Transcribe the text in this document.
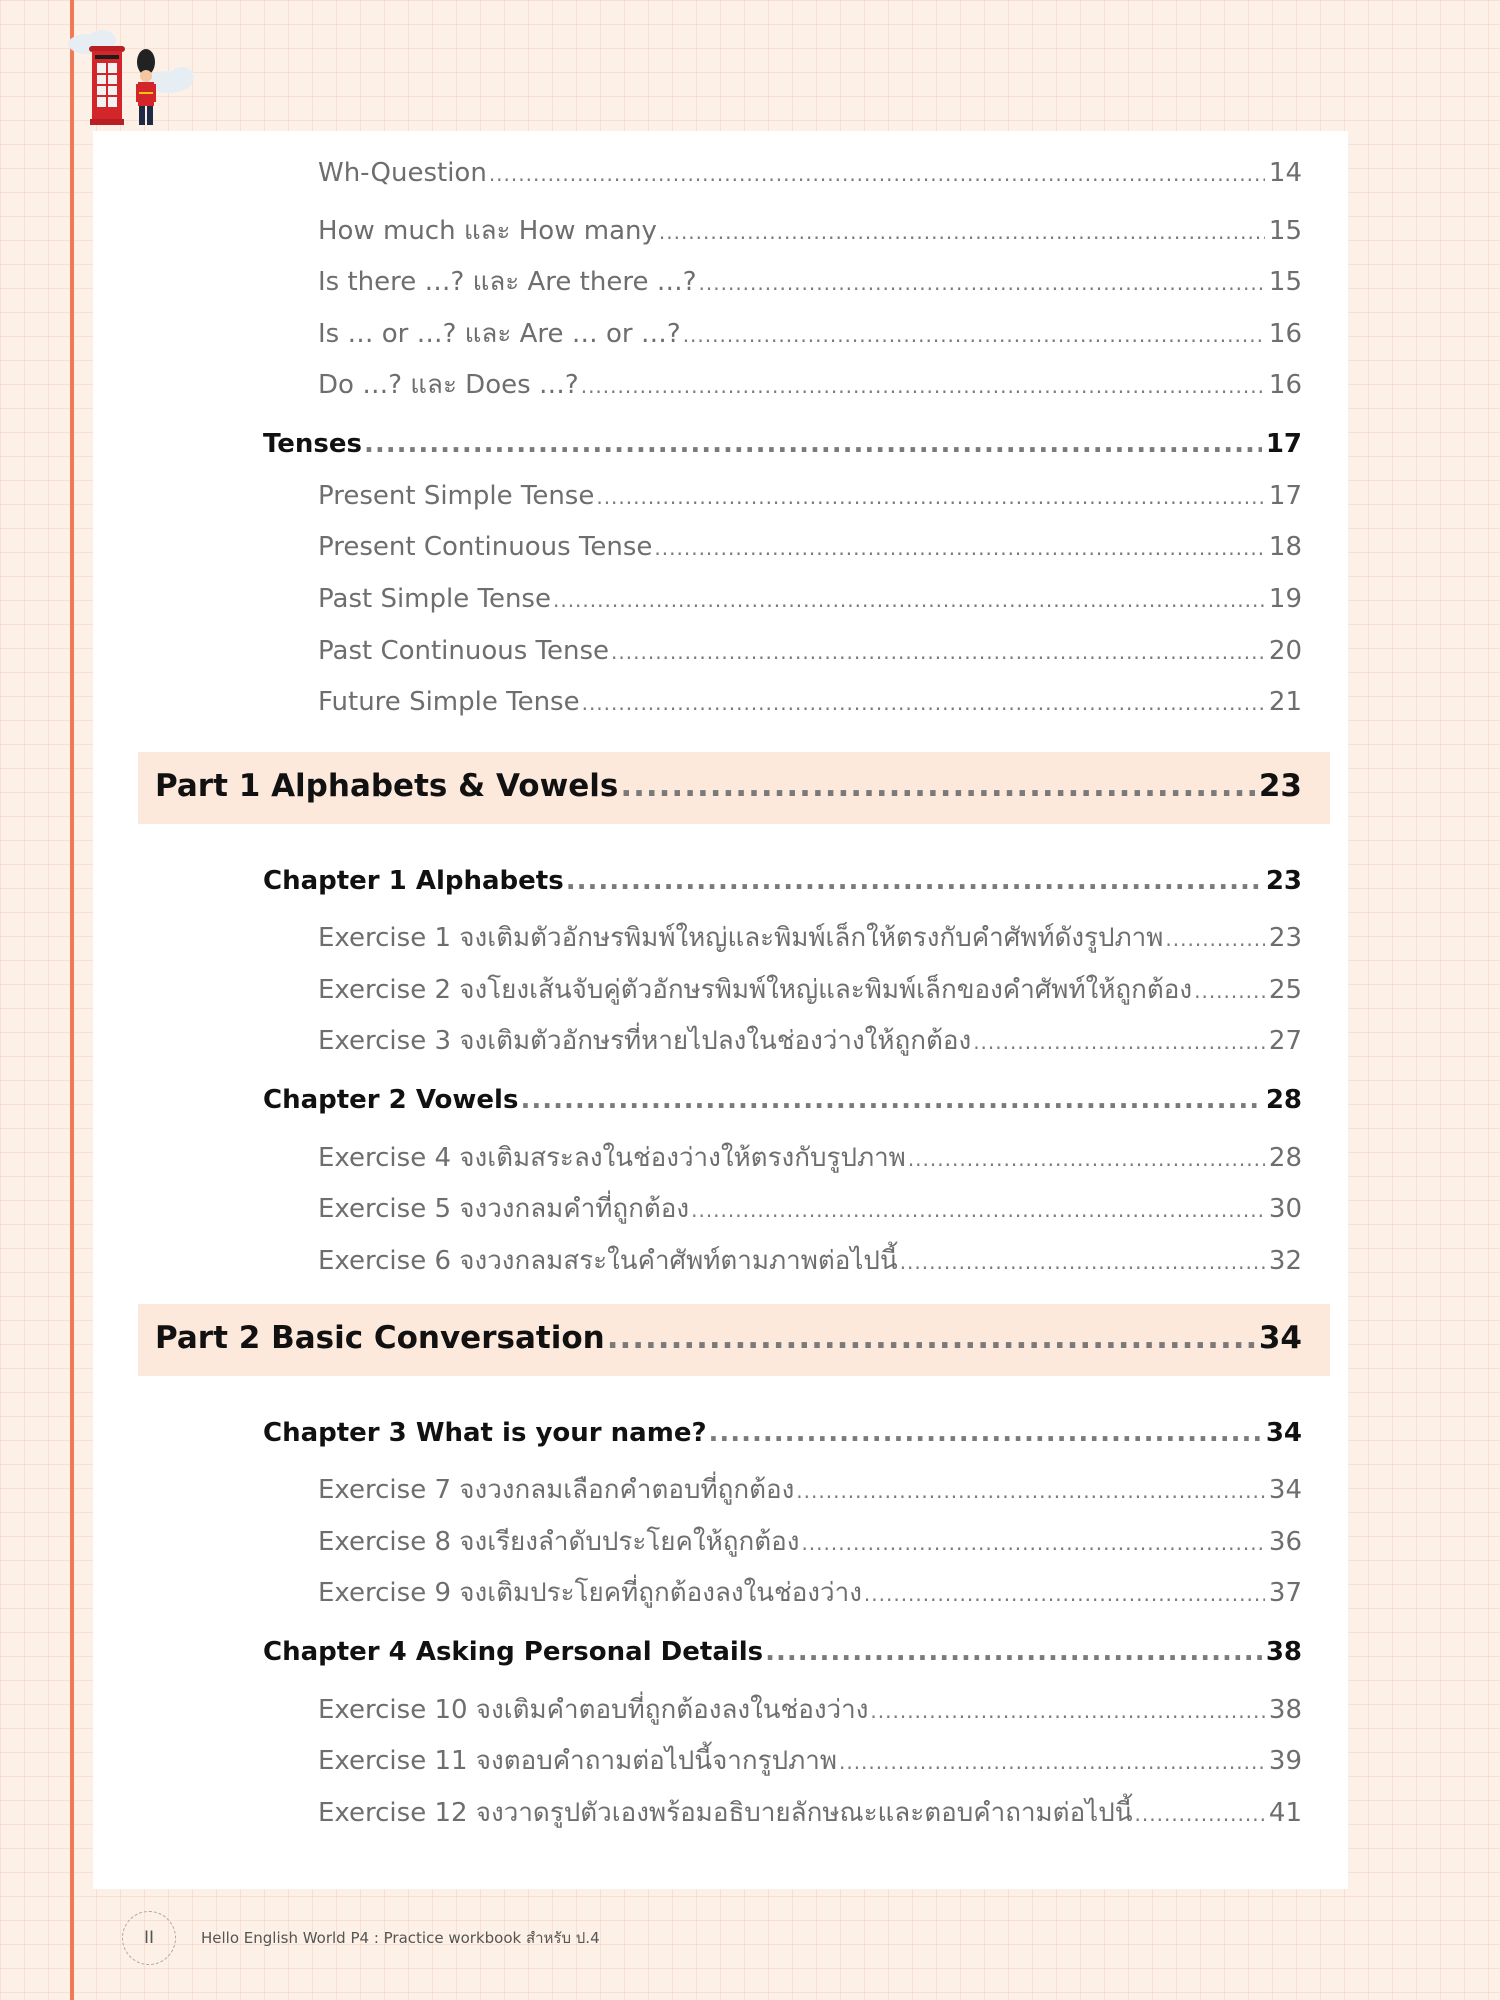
Wh-Question .....	14
How much และ How many .....	15
Is there …? และ Are there …? .....	15
Is … or …? และ Are … or …? .....	16
Do …? และ Does …? .....	16
Tenses .....	17
Present Simple Tense .....	17
Present Continuous Tense .....	18
Past Simple Tense .....	19
Past Continuous Tense .....	20
Future Simple Tense .....	21
Part 1 Alphabets & Vowels .....	23
Chapter 1 Alphabets .....	23
Exercise 1 จงเติมตัวอักษรพิมพ์ใหญ่และพิมพ์เล็กให้ตรงกับคำศัพท์ดังรูปภาพ .....	23
Exercise 2 จงโยงเส้นจับคู่ตัวอักษรพิมพ์ใหญ่และพิมพ์เล็กของคำศัพท์ให้ถูกต้อง .....	25
Exercise 3 จงเติมตัวอักษรที่หายไปลงในช่องว่างให้ถูกต้อง .....	27
Chapter 2 Vowels .....	28
Exercise 4 จงเติมสระลงในช่องว่างให้ตรงกับรูปภาพ .....	28
Exercise 5 จงวงกลมคำที่ถูกต้อง .....	30
Exercise 6 จงวงกลมสระในคำศัพท์ตามภาพต่อไปนี้ .....	32
Part 2 Basic Conversation .....	34
Chapter 3 What is your name? .....	34
Exercise 7 จงวงกลมเลือกคำตอบที่ถูกต้อง .....	34
Exercise 8 จงเรียงลำดับประโยคให้ถูกต้อง .....	36
Exercise 9 จงเติมประโยคที่ถูกต้องลงในช่องว่าง .....	37
Chapter 4 Asking Personal Details .....	38
Exercise 10 จงเติมคำตอบที่ถูกต้องลงในช่องว่าง .....	38
Exercise 11 จงตอบคำถามต่อไปนี้จากรูปภาพ .....	39
Exercise 12 จงวาดรูปตัวเองพร้อมอธิบายลักษณะและตอบคำถามต่อไปนี้ .....	41
II	Hello English World P4 : Practice workbook สำหรับ ป.4
